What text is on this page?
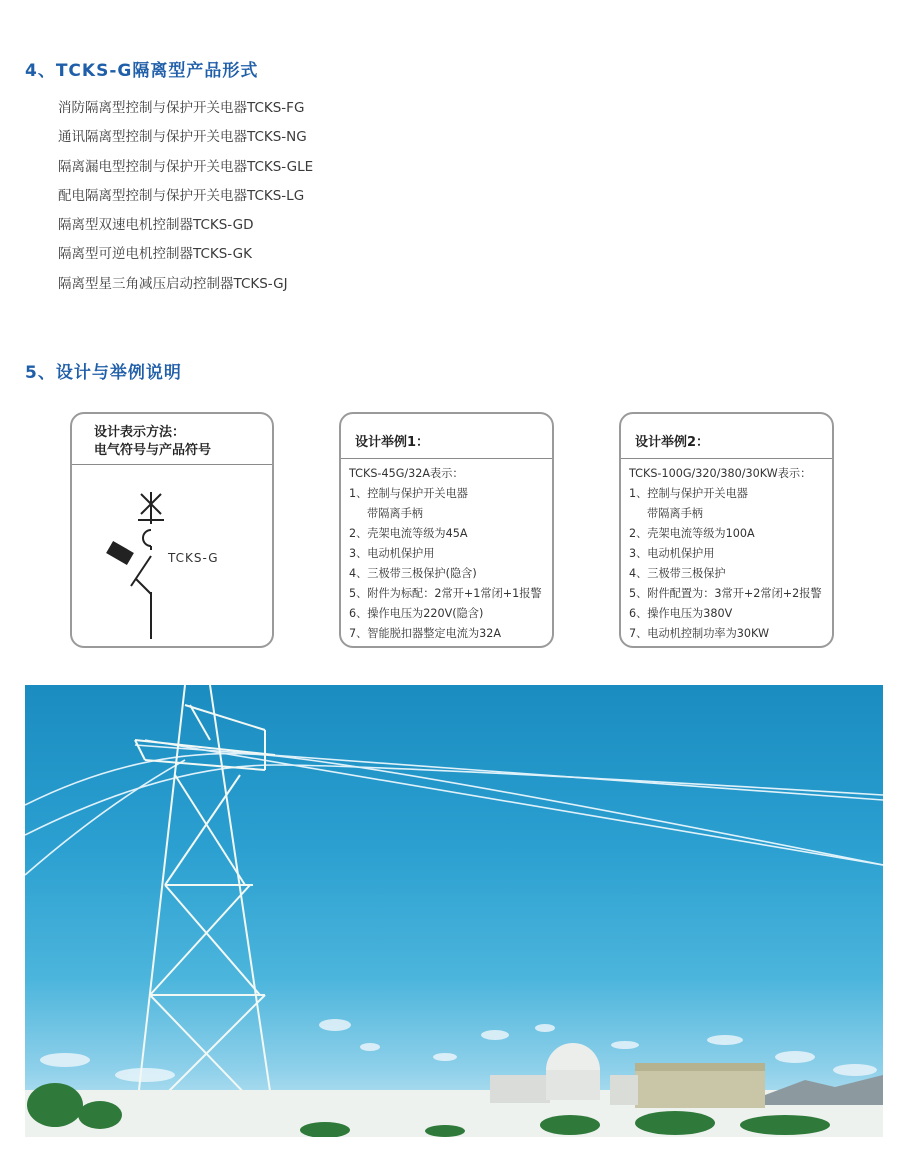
4、TCKS-G隔离型产品形式
消防隔离型控制与保护开关电器TCKS-FG
通讯隔离型控制与保护开关电器TCKS-NG
隔离漏电型控制与保护开关电器TCKS-GLE
配电隔离型控制与保护开关电器TCKS-LG
隔离型双速电机控制器TCKS-GD
隔离型可逆电机控制器TCKS-GK
隔离型星三角减压启动控制器TCKS-GJ
5、设计与举例说明
设计表示方法：
电气符号与产品符号
TCKS-G
设计举例1：
TCKS-45G/32A表示：
1、控制与保护开关电器
带隔离手柄
2、壳架电流等级为45A
3、电动机保护用
4、三极带三极保护(隐含)
5、附件为标配：2常开+1常闭+1报警
6、操作电压为220V(隐含)
7、智能脱扣器整定电流为32A
设计举例2：
TCKS-100G/320/380/30KW表示：
1、控制与保护开关电器
带隔离手柄
2、壳架电流等级为100A
3、电动机保护用
4、三极带三极保护
5、附件配置为：3常开+2常闭+2报警
6、操作电压为380V
7、电动机控制功率为30KW
